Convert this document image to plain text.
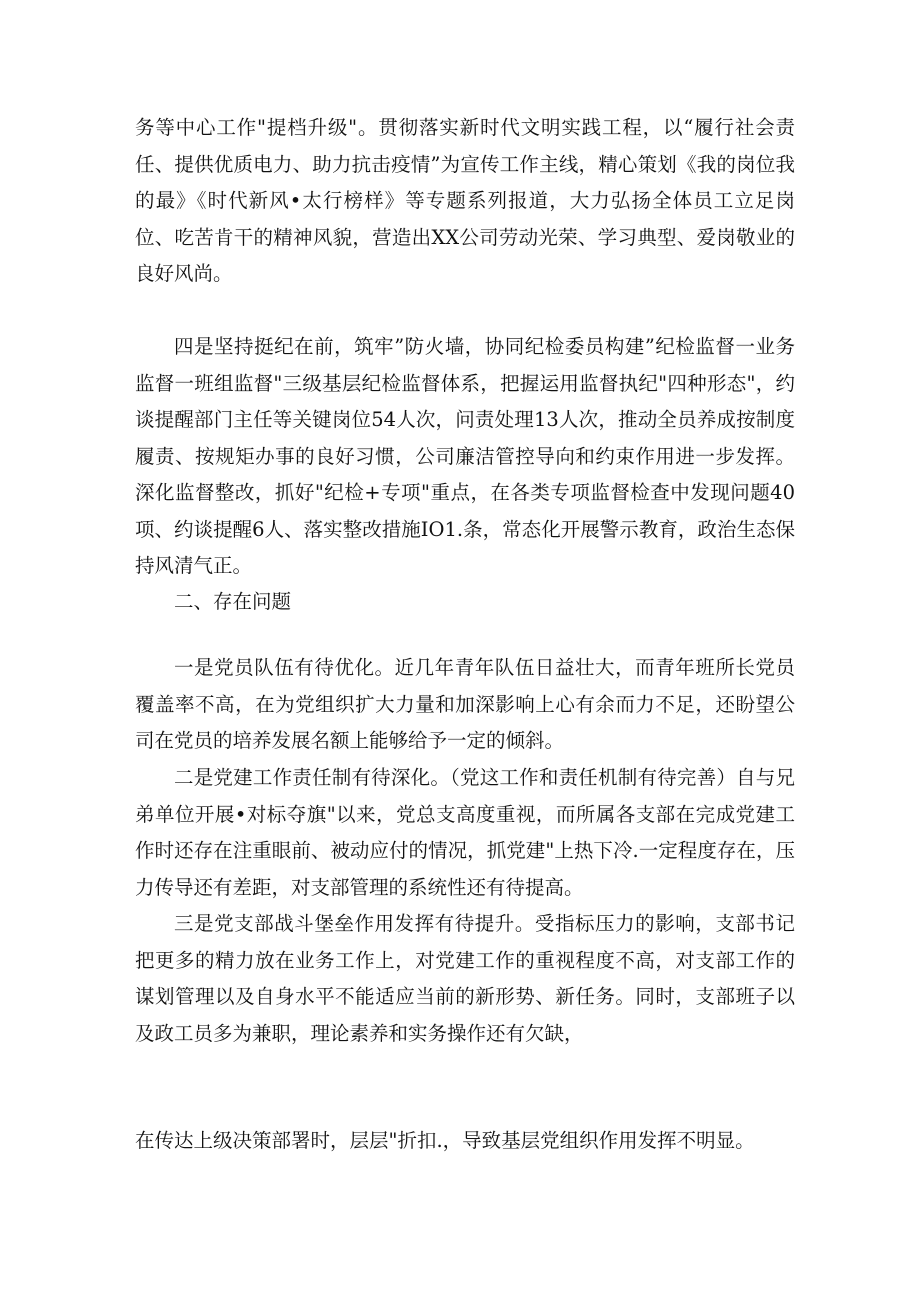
务等中心工作"提档升级"。贯彻落实新时代文明实践工程，以“履行社会责任、提供优质电力、助力抗击疫情”为宣传工作主线，精心策划《我的岗位我的最》《时代新风•太行榜样》等专题系列报道，大力弘扬全体员工立足岗位、吃苦肯干的精神风貌，营造出XX公司劳动光荣、学习典型、爱岗敬业的良好风尚。

四是坚持挺纪在前，筑牢”防火墙，协同纪检委员构建”纪检监督一业务监督一班组监督"三级基层纪检监督体系，把握运用监督执纪"四种形态"，约谈提醒部门主任等关键岗位54人次，问责处理13人次，推动全员养成按制度履责、按规矩办事的良好习惯，公司廉洁管控导向和约束作用进一步发挥。深化监督整改，抓好"纪检+专项"重点，在各类专项监督检查中发现问题40项、约谈提醒6人、落实整改措施IO1.条，常态化开展警示教育，政治生态保持风清气正。

二、存在问题

一是党员队伍有待优化。近几年青年队伍日益壮大，而青年班所长党员覆盖率不高，在为党组织扩大力量和加深影响上心有余而力不足，还盼望公司在党员的培养发展名额上能够给予一定的倾斜。

二是党建工作责任制有待深化。（党这工作和责任机制有待完善）自与兄弟单位开展•对标夺旗"以来，党总支高度重视，而所属各支部在完成党建工作时还存在注重眼前、被动应付的情况，抓党建"上热下冷.一定程度存在，压力传导还有差距，对支部管理的系统性还有待提高。

三是党支部战斗堡垒作用发挥有待提升。受指标压力的影响，支部书记把更多的精力放在业务工作上，对党建工作的重视程度不高，对支部工作的谋划管理以及自身水平不能适应当前的新形势、新任务。同时，支部班子以及政工员多为兼职，理论素养和实务操作还有欠缺，

在传达上级决策部署时，层层"折扣.，导致基层党组织作用发挥不明显。
